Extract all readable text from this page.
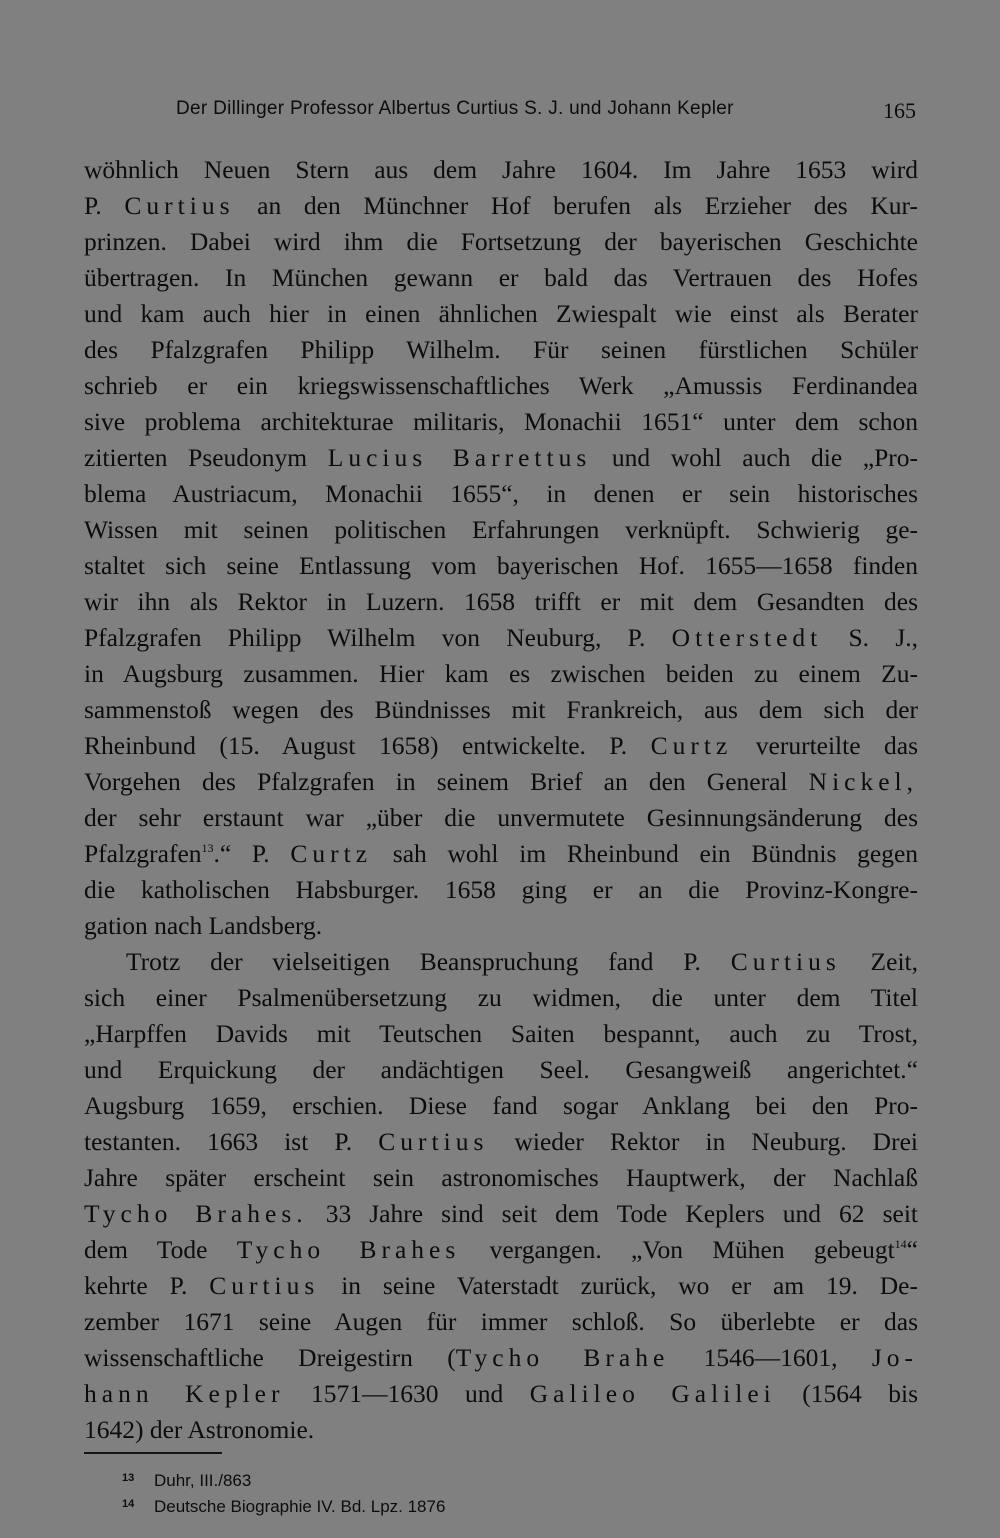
Der Dillinger Professor Albertus Curtius S. J. und Johann Kepler	165
wöhnlich Neuen Stern aus dem Jahre 1604. Im Jahre 1653 wird
P. Curtius an den Münchner Hof berufen als Erzieher des Kur-
prinzen. Dabei wird ihm die Fortsetzung der bayerischen Geschichte
übertragen. In München gewann er bald das Vertrauen des Hofes
und kam auch hier in einen ähnlichen Zwiespalt wie einst als Berater
des Pfalzgrafen Philipp Wilhelm. Für seinen fürstlichen Schüler
schrieb er ein kriegswissenschaftliches Werk „Amussis Ferdinandea
sive problema architekturae militaris, Monachii 1651“ unter dem schon
zitierten Pseudonym Lucius Barrettus und wohl auch die „Pro-
blema Austriacum, Monachii 1655“, in denen er sein historisches
Wissen mit seinen politischen Erfahrungen verknüpft. Schwierig ge-
staltet sich seine Entlassung vom bayerischen Hof. 1655—1658 finden
wir ihn als Rektor in Luzern. 1658 trifft er mit dem Gesandten des
Pfalzgrafen Philipp Wilhelm von Neuburg, P. Otterstedt S. J.,
in Augsburg zusammen. Hier kam es zwischen beiden zu einem Zu-
sammenstoß wegen des Bündnisses mit Frankreich, aus dem sich der
Rheinbund (15. August 1658) entwickelte. P. Curtz verurteilte das
Vorgehen des Pfalzgrafen in seinem Brief an den General Nickel,
der sehr erstaunt war „über die unvermutete Gesinnungsänderung des
Pfalzgrafen$^{13}$.“ P. Curtz sah wohl im Rheinbund ein Bündnis gegen
die katholischen Habsburger. 1658 ging er an die Provinz-Kongre-
gation nach Landsberg.
Trotz der vielseitigen Beanspruchung fand P. Curtius Zeit,
sich einer Psalmenübersetzung zu widmen, die unter dem Titel
„Harpffen Davids mit Teutschen Saiten bespannt, auch zu Trost,
und Erquickung der andächtigen Seel. Gesangweiß angerichtet.“
Augsburg 1659, erschien. Diese fand sogar Anklang bei den Pro-
testanten. 1663 ist P. Curtius wieder Rektor in Neuburg. Drei
Jahre später erscheint sein astronomisches Hauptwerk, der Nachlaß
Tycho Brahes. 33 Jahre sind seit dem Tode Keplers und 62 seit
dem Tode Tycho Brahes vergangen. „Von Mühen gebeugt$^{14}$“
kehrte P. Curtius in seine Vaterstadt zurück, wo er am 19. De-
zember 1671 seine Augen für immer schloß. So überlebte er das
wissenschaftliche Dreigestirn (Tycho Brahe 1546—1601, Jo-
hann Kepler 1571—1630 und Galileo Galilei (1564 bis
1642) der Astronomie.
13 Duhr, III./863
14 Deutsche Biographie IV. Bd. Lpz. 1876
